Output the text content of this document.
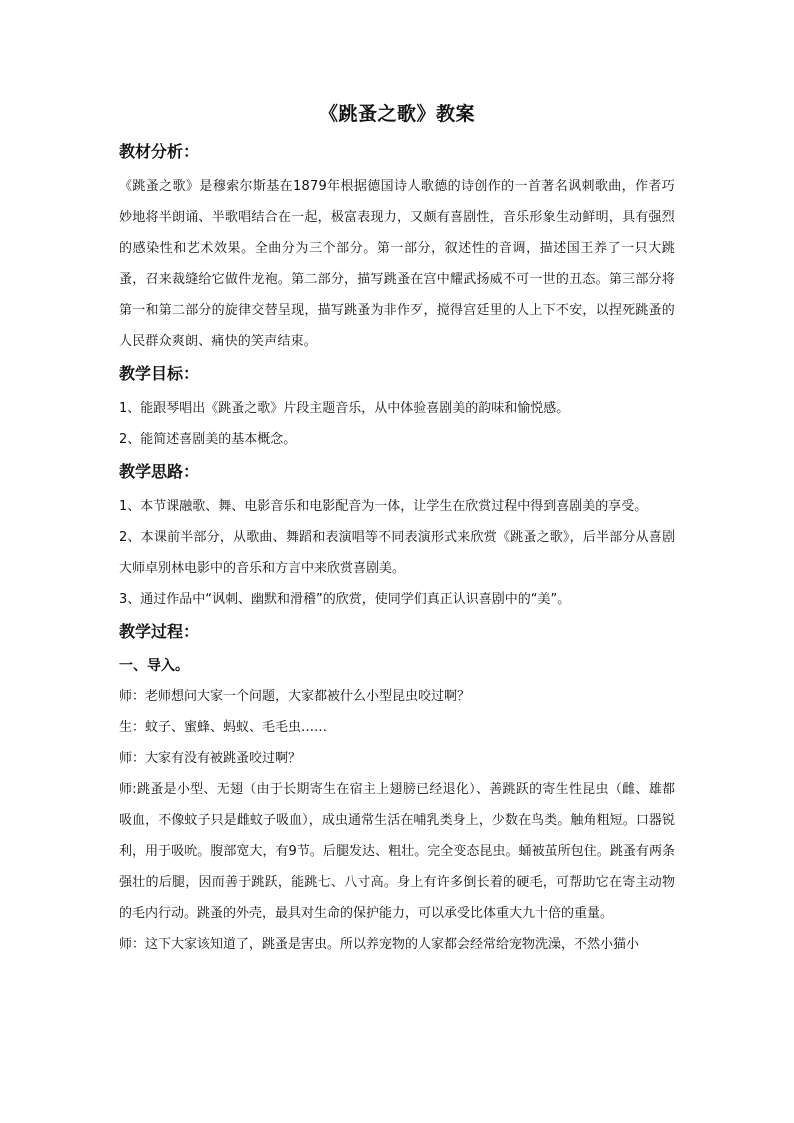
《跳蚤之歌》教案
教材分析：

《跳蚤之歌》是穆索尔斯基在1879年根据德国诗人歌德的诗创作的一首著名讽刺歌曲，作者巧妙地将半朗诵、半歌唱结合在一起，极富表现力，又颇有喜剧性，音乐形象生动鲜明，具有强烈的感染性和艺术效果。全曲分为三个部分。第一部分，叙述性的音调，描述国王养了一只大跳蚤，召来裁缝给它做件龙袍。第二部分，描写跳蚤在宫中耀武扬威不可一世的丑态。第三部分将第一和第二部分的旋律交替呈现，描写跳蚤为非作歹，搅得宫廷里的人上下不安，以捏死跳蚤的人民群众爽朗、痛快的笑声结束。

教学目标：

1、能跟琴唱出《跳蚤之歌》片段主题音乐，从中体验喜剧美的韵味和愉悦感。

2、能简述喜剧美的基本概念。

教学思路：

1、本节课融歌、舞、电影音乐和电影配音为一体，让学生在欣赏过程中得到喜剧美的享受。

2、本课前半部分，从歌曲、舞蹈和表演唱等不同表演形式来欣赏《跳蚤之歌》，后半部分从喜剧大师卓别林电影中的音乐和方言中来欣赏喜剧美。

3、通过作品中“讽刺、幽默和滑稽”的欣赏，使同学们真正认识喜剧中的“美”。

教学过程：
一、导入。

师：老师想问大家一个问题，大家都被什么小型昆虫咬过啊？

生：蚊子、蜜蜂、蚂蚁、毛毛虫……

师：大家有没有被跳蚤咬过啊？

师:跳蚤是小型、无翅（由于长期寄生在宿主上翅膀已经退化）、善跳跃的寄生性昆虫（雌、雄都吸血，不像蚊子只是雌蚊子吸血），成虫通常生活在哺乳类身上，少数在鸟类。触角粗短。口器锐利，用于吸吮。腹部宽大，有9节。后腿发达、粗壮。完全变态昆虫。蛹被茧所包住。跳蚤有两条强壮的后腿，因而善于跳跃，能跳七、八寸高。身上有许多倒长着的硬毛，可帮助它在寄主动物的毛内行动。跳蚤的外壳，最具对生命的保护能力，可以承受比体重大九十倍的重量。

师：这下大家该知道了，跳蚤是害虫。所以养宠物的人家都会经常给宠物洗澡，不然小猫小
